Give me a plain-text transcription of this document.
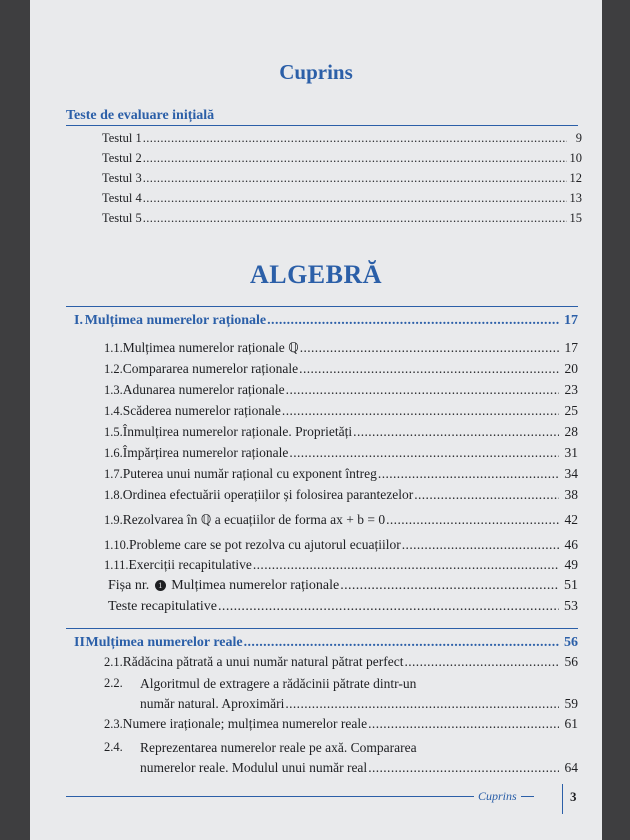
Cuprins
Teste de evaluare inițială
Testul 1 .....	9
Testul 2 .....	10
Testul 3 .....	12
Testul 4 .....	13
Testul 5 .....	15
ALGEBRĂ
I. Mulțimea numerelor raționale .....	17
1.1. Mulțimea numerelor raționale ℚ .....	17
1.2. Compararea numerelor raționale .....	20
1.3. Adunarea numerelor raționale .....	23
1.4. Scăderea numerelor raționale .....	25
1.5. Înmulțirea numerelor raționale. Proprietăți .....	28
1.6. Împărțirea numerelor raționale .....	31
1.7. Puterea unui număr rațional cu exponent întreg .....	34
1.8. Ordinea efectuării operațiilor și folosirea parantezelor .....	38
1.9. Rezolvarea în ℚ a ecuațiilor de forma ax + b = 0 .....	42
1.10. Probleme care se pot rezolva cu ajutorul ecuațiilor .....	46
1.11. Exerciții recapitulative .....	49
Fișa nr. 1 Mulțimea numerelor raționale .....	51
Teste recapitulative .....	53
II Mulțimea numerelor reale .....	56
2.1. Rădăcina pătrată a unui număr natural pătrat perfect .....	56
2.2. Algoritmul de extragere a rădăcinii pătrate dintr-un
număr natural. Aproximări .....	59
2.3. Numere iraționale; mulțimea numerelor reale .....	61
2.4. Reprezentarea numerelor reale pe axă. Compararea
numerelor reale. Modulul unui număr real .....	64
Cuprins	3
